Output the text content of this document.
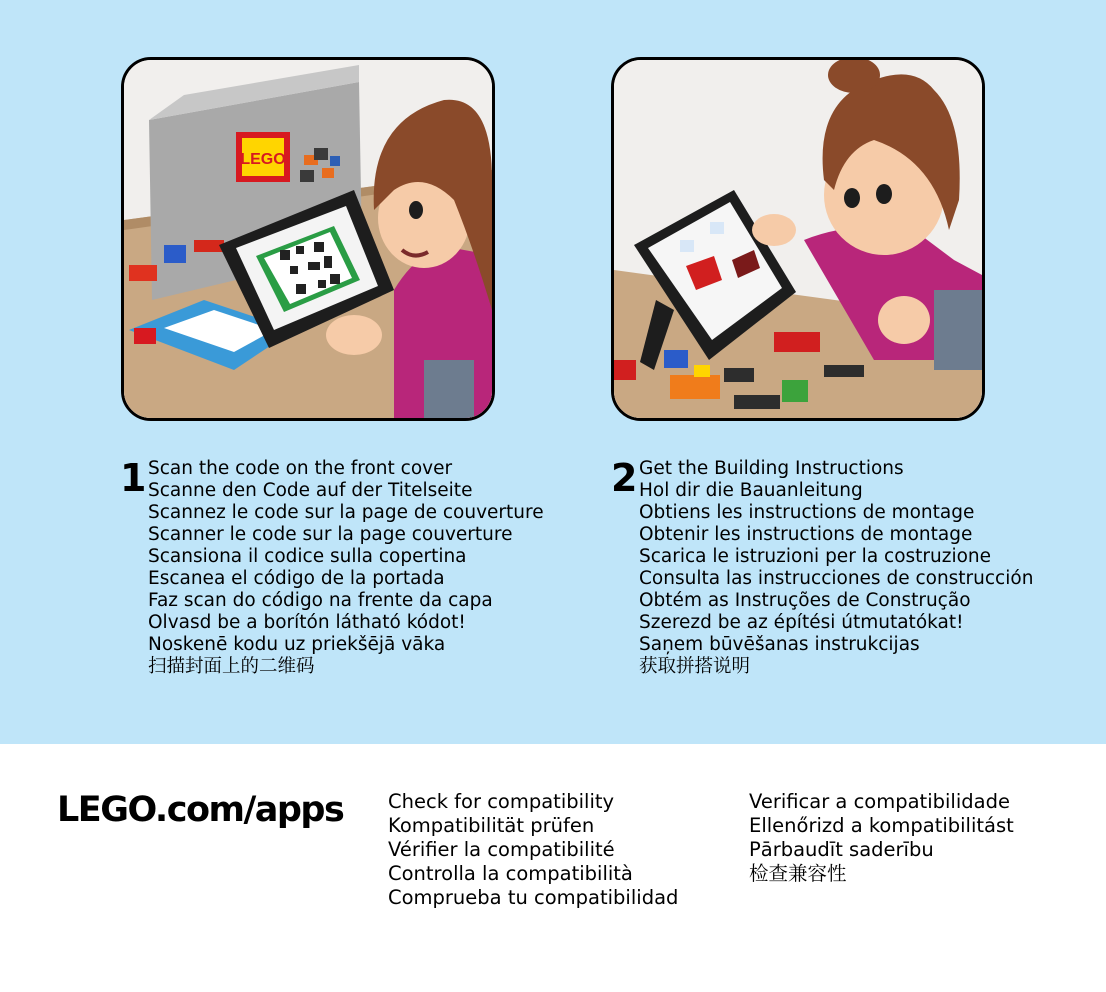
LEGO
1 Scan the code on the front cover
Scanne den Code auf der Titelseite
Scannez le code sur la page de couverture
Scanner le code sur la page couverture
Scansiona il codice sulla copertina
Escanea el código de la portada
Faz scan do código na frente da capa
Olvasd be a borítón látható kódot!
Noskenē kodu uz priekšējā vāka
扫描封面上的二维码
2 Get the Building Instructions
Hol dir die Bauanleitung
Obtiens les instructions de montage
Obtenir les instructions de montage
Scarica le istruzioni per la costruzione
Consulta las instrucciones de construcción
Obtém as Instruções de Construção
Szerezd be az építési útmutatókat!
Saņem būvēšanas instrukcijas
获取拼搭说明
LEGO.com/apps Check for compatibility
Kompatibilität prüfen
Vérifier la compatibilité
Controlla la compatibilità
Comprueba tu compatibilidad
Verificar a compatibilidade
Ellenőrizd a kompatibilitást
Pārbaudīt saderību
检查兼容性
